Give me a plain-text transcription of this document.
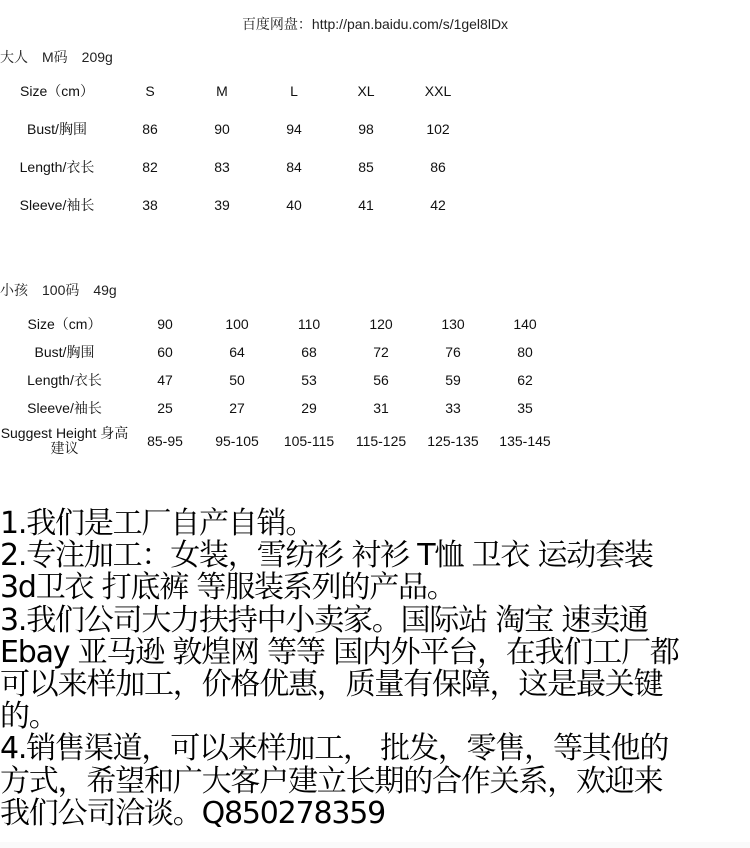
百度网盘：http://pan.baidu.com/s/1gel8lDx
大人 M码 209g
Size（cm）	S	M	L	XL	XXL
Bust/胸围	86	90	94	98	102
Length/衣长	82	83	84	85	86
Sleeve/袖长	38	39	40	41	42
小孩 100码 49g
Size（cm）	90	100	110	120	130	140
Bust/胸围	60	64	68	72	76	80
Length/衣长	47	50	53	56	59	62
Sleeve/袖长	25	27	29	31	33	35
Suggest Height 身高建议	85-95	95-105	105-115	115-125	125-135	135-145
1.我们是工厂自产自销。
2.专注加工：女装，雪纺衫 衬衫 T恤 卫衣 运动套装
3d卫衣 打底裤 等服装系列的产品。
3.我们公司大力扶持中小卖家。国际站 淘宝 速卖通
Ebay 亚马逊 敦煌网 等等 国内外平台，在我们工厂都
可以来样加工，价格优惠，质量有保障，这是最关键
的。
4.销售渠道，可以来样加工， 批发，零售，等其他的
方式，希望和广大客户建立长期的合作关系，欢迎来
我们公司洽谈。Q850278359
